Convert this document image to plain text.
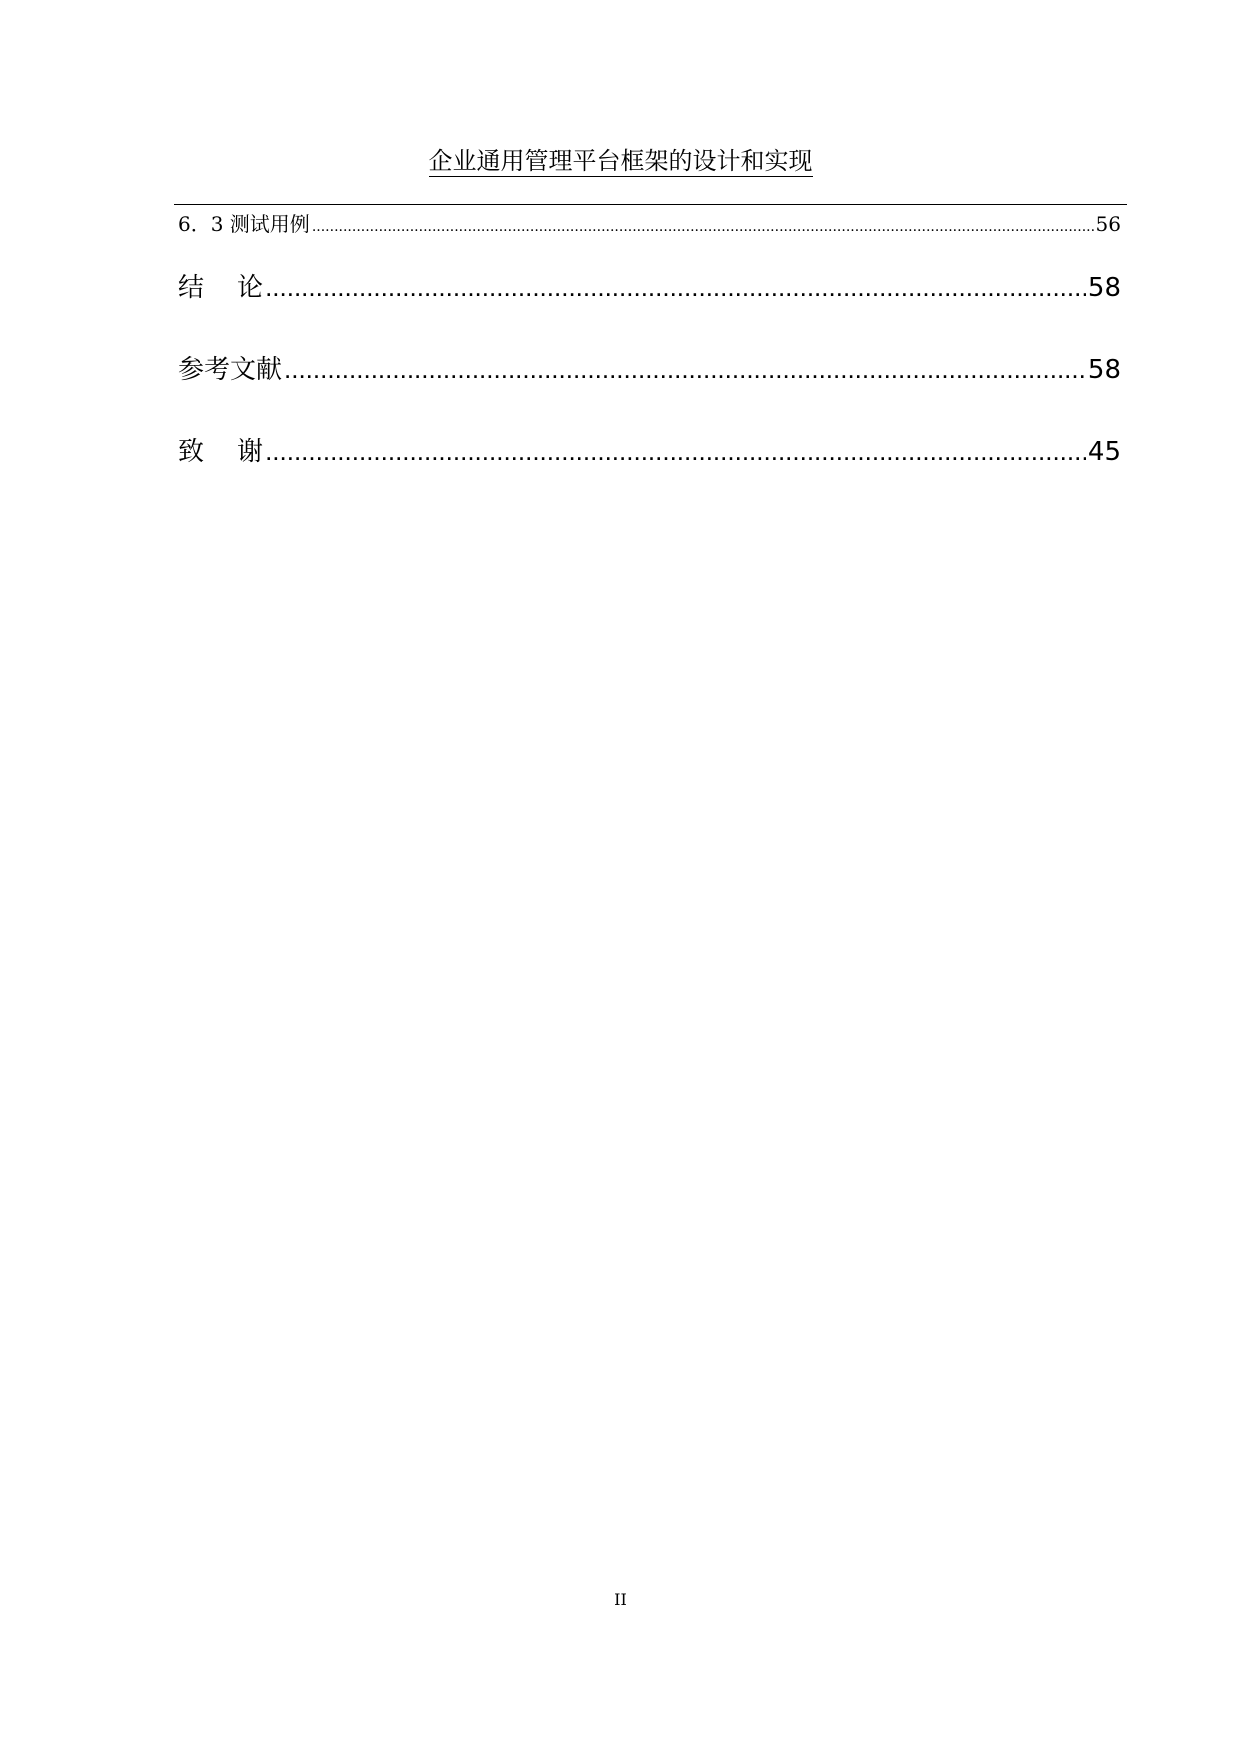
企业通用管理平台框架的设计和实现
6．3 测试用例 .....	56
结    论 .....	58
参考文献 .....	58
致    谢 .....	45
II
